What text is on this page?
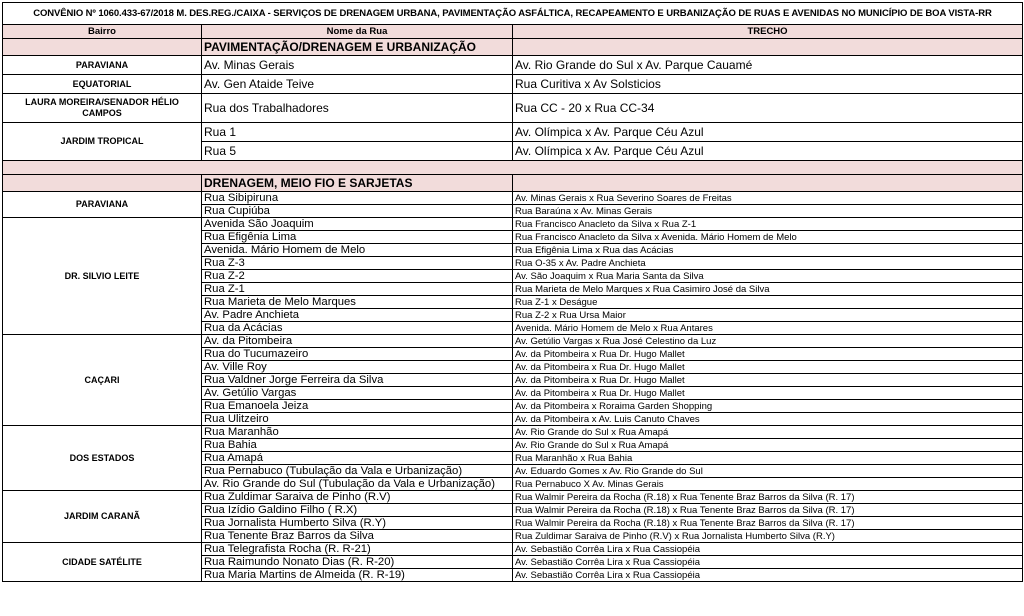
CONVÊNIO Nº 1060.433-67/2018 M. DES.REG./CAIXA - SERVIÇOS DE DRENAGEM URBANA, PAVIMENTAÇÃO ASFÁLTICA, RECAPEAMENTO E URBANIZAÇÃO DE RUAS E AVENIDAS NO MUNICÍPIO DE BOA VISTA-RR		
Bairro	Nome da Rua	TRECHO
	PAVIMENTAÇÃO/DRENAGEM E URBANIZAÇÃO	
PARAVIANA	Av. Minas Gerais	Av. Rio Grande do Sul x Av. Parque Cauamé
EQUATORIAL	Av. Gen Ataide Teive	Rua Curitiva x Av Solsticios
LAURA MOREIRA/SENADOR HÉLIO CAMPOS	Rua dos Trabalhadores	Rua CC - 20 x Rua CC-34
JARDIM TROPICAL	Rua 1	Av. Olímpica x Av. Parque Céu Azul
	Rua 5	Av. Olímpica x Av. Parque Céu Azul

	DRENAGEM, MEIO FIO E SARJETAS	
PARAVIANA	Rua Sibipiruna	Av. Minas Gerais x Rua Severino Soares de Freitas
	Rua Cupiúba	Rua Baraúna x Av. Minas Gerais
DR. SILVIO LEITE	Avenida São Joaquim	Rua Francisco Anacleto da Silva x Rua Z-1
	Rua Efigênia Lima	Rua Francisco Anacleto da Silva x Avenida. Mário Homem de Melo
	Avenida. Mário Homem de Melo	Rua Efigênia Lima x Rua das Acácias
	Rua Z-3	Rua O-35 x Av. Padre Anchieta
	Rua Z-2	Av. São Joaquim x Rua Maria Santa da Silva
	Rua Z-1	Rua Marieta de Melo Marques x Rua Casimiro José da Silva
	Rua Marieta de Melo Marques	Rua Z-1 x Deságue
	Av. Padre Anchieta	Rua Z-2 x Rua Ursa Maior
	Rua da Acácias	Avenida. Mário Homem de Melo x Rua Antares
CAÇARI	Av. da Pitombeira	Av. Getúlio Vargas x Rua José Celestino da Luz
	Rua do Tucumazeiro	Av. da Pitombeira x Rua Dr. Hugo Mallet
	Av. Ville Roy	Av. da Pitombeira x Rua Dr. Hugo Mallet
	Rua Valdner Jorge Ferreira da Silva	Av. da Pitombeira x Rua Dr. Hugo Mallet
	Av. Getúlio Vargas	Av. da Pitombeira x Rua Dr. Hugo Mallet
	Rua Emanoela Jeiza	Av. da Pitombeira x Roraima Garden Shopping
	Rua Ulitzeiro	Av. da Pitombeira x Av. Luis Canuto Chaves
DOS ESTADOS	Rua Maranhão	Av. Rio Grande do Sul x Rua Amapá
	Rua Bahia	Av. Rio Grande do Sul x Rua Amapá
	Rua Amapá	Rua Maranhão x Rua Bahia
	Rua Pernabuco (Tubulação da Vala e Urbanização)	Av. Eduardo Gomes x Av. Rio Grande do Sul
	Av. Rio Grande do Sul (Tubulação da Vala e Urbanização)	Rua Pernabuco X Av. Minas Gerais
JARDIM CARANÃ	Rua Zuldimar Saraiva de Pinho (R.V)	Rua Walmir Pereira da Rocha (R.18) x Rua Tenente Braz Barros da Silva (R. 17)
	Rua Izídio Galdino Filho ( R.X)	Rua Walmir Pereira da Rocha (R.18) x Rua Tenente Braz Barros da Silva (R. 17)
	Rua Jornalista Humberto Silva (R.Y)	Rua Walmir Pereira da Rocha (R.18) x Rua Tenente Braz Barros da Silva (R. 17)
	Rua Tenente Braz Barros da Silva	Rua Zuldimar Saraiva de Pinho (R.V) x Rua Jornalista Humberto Silva (R.Y)
CIDADE SATÉLITE	Rua Telegrafista Rocha (R. R-21)	Av. Sebastião Corrêa Lira x Rua Cassiopéia
	Rua Raimundo Nonato Dias (R. R-20)	Av. Sebastião Corrêa Lira x Rua Cassiopéia
	Rua Maria Martins de Almeida (R. R-19)	Av. Sebastião Corrêa Lira x Rua Cassiopéia
